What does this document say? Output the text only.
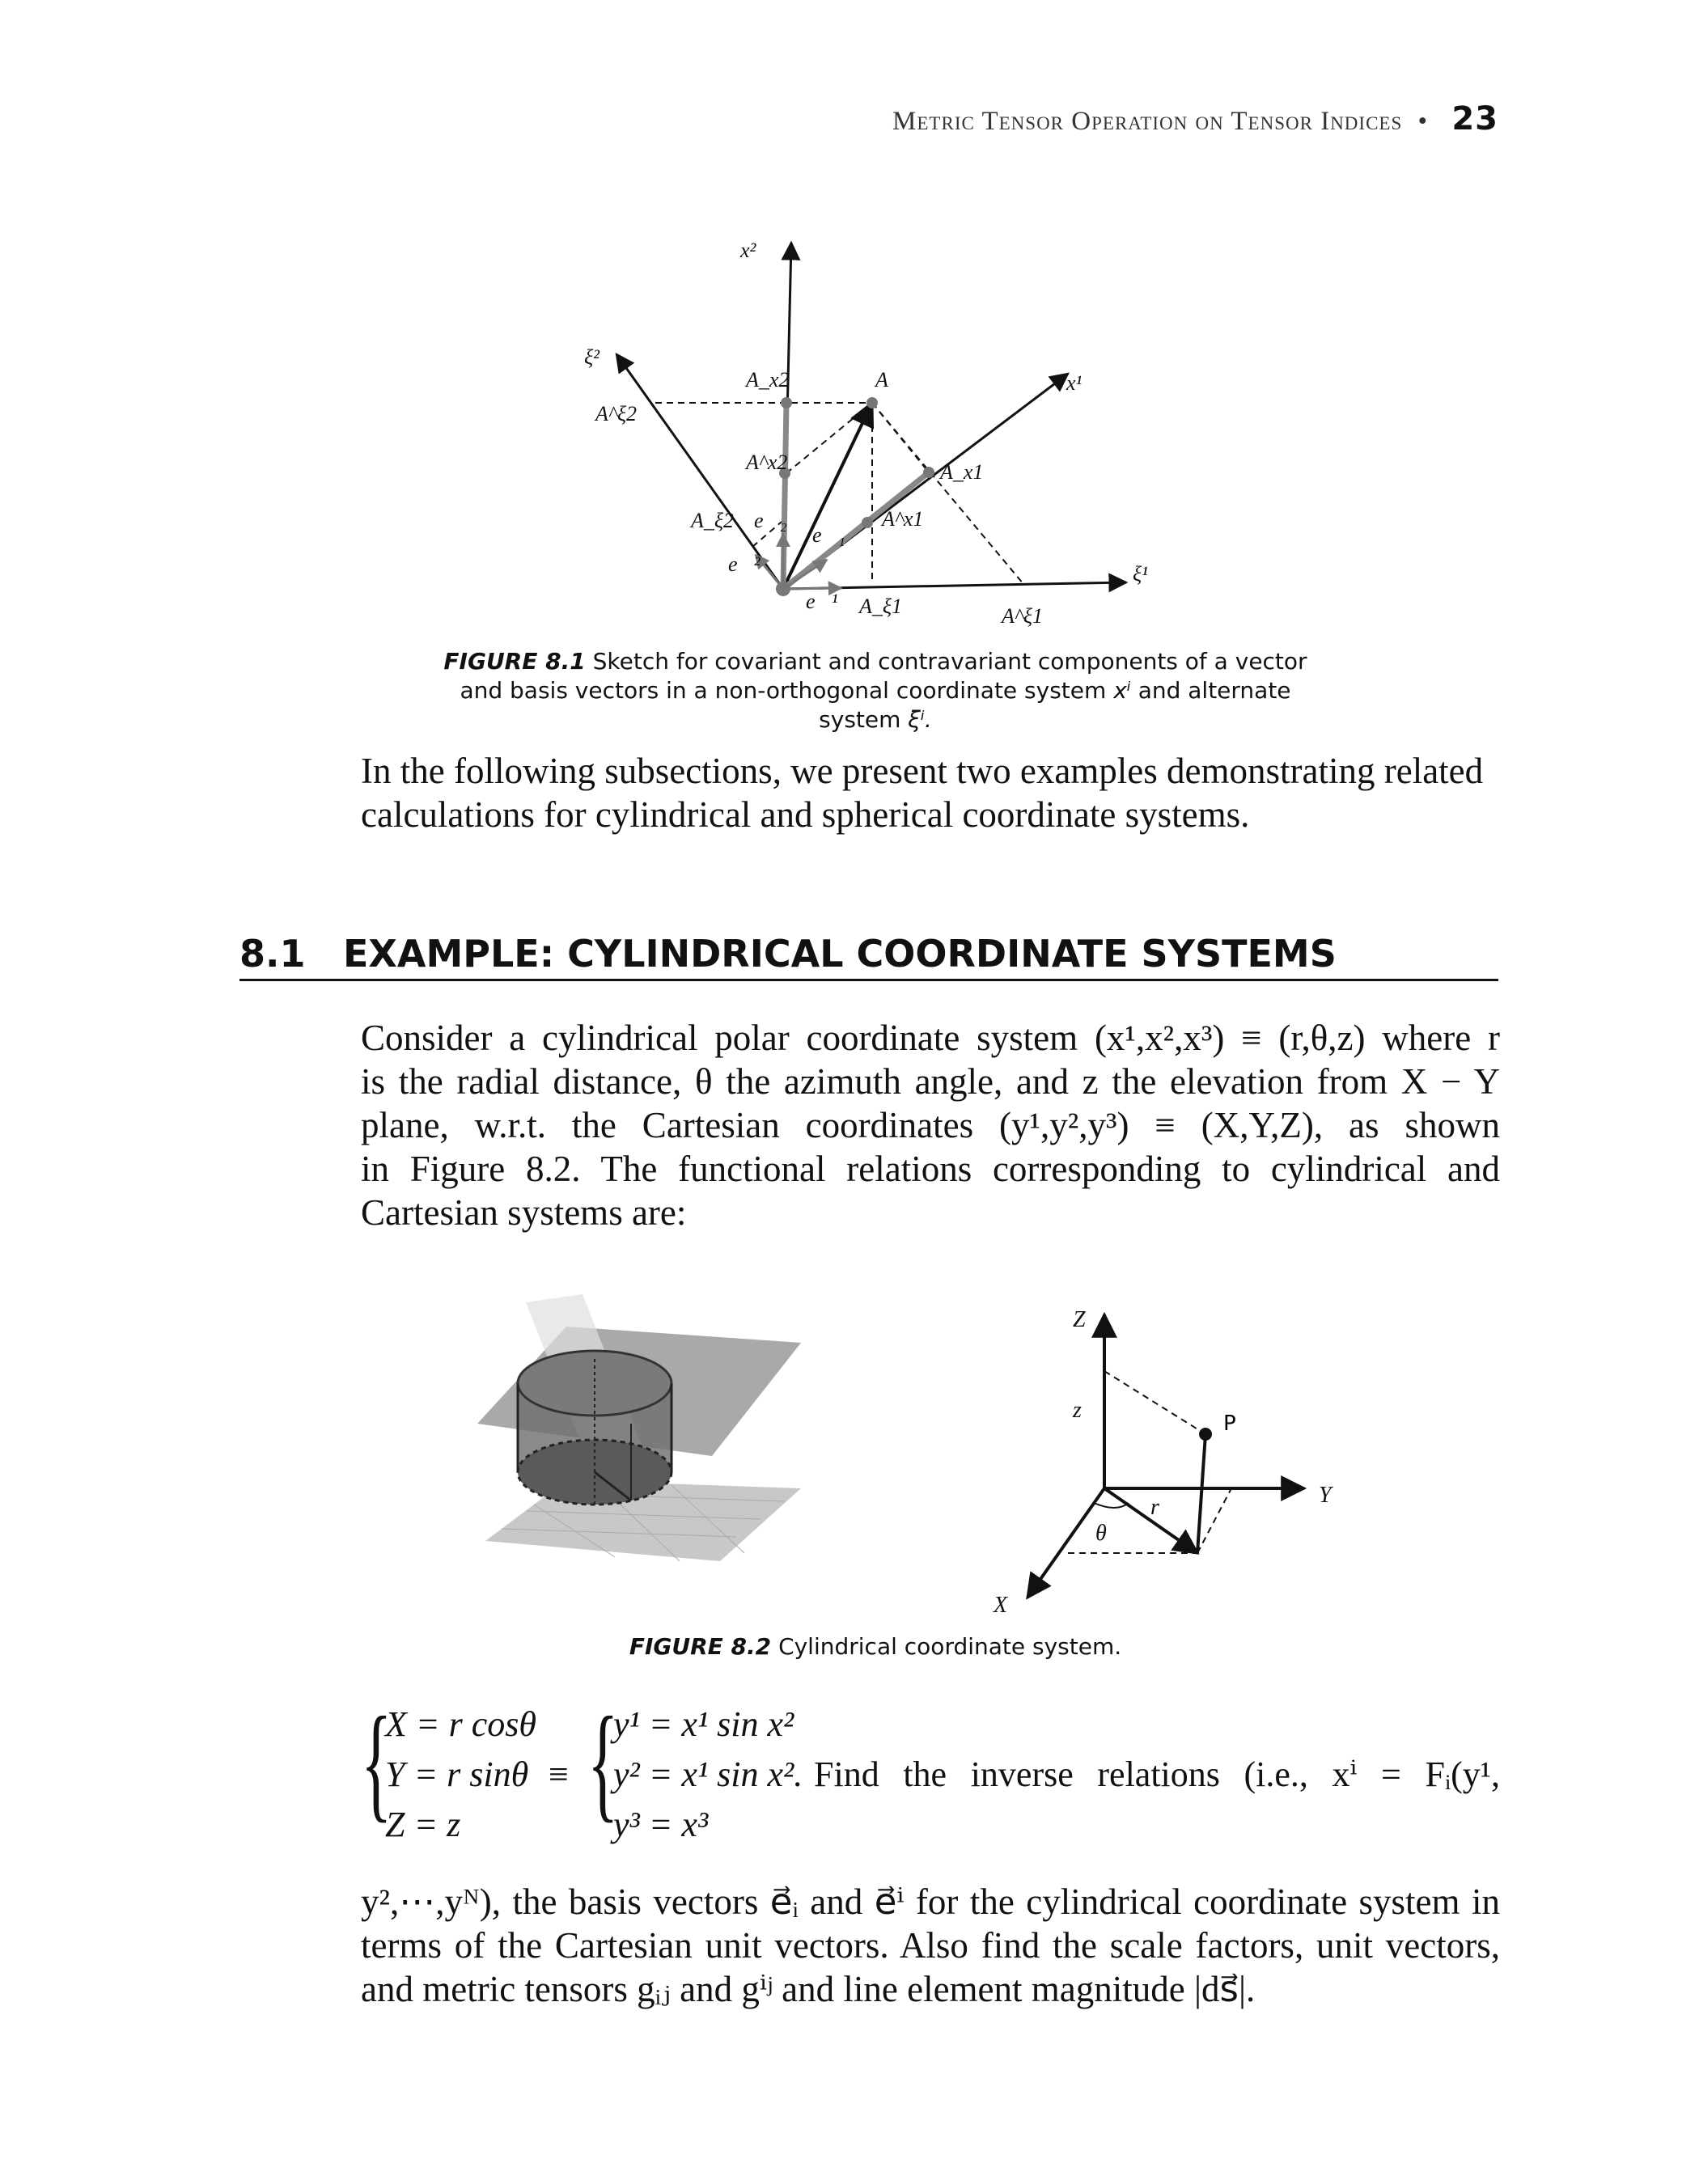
Metric Tensor Operation on Tensor Indices • 23
x²
x¹
ξ²
ξ¹
A⃗
A_x2
A^ξ2
A^x2	A_x1
A^x1
A_ξ2 e⃗₂
e⃗₁
e⃗²
e⃗¹ A_ξ1	A^ξ1
FIGURE 8.1 Sketch for covariant and contravariant components of a vector and basis vectors in a non-orthogonal coordinate system xⁱ and alternate system ξⁱ.
In the following subsections, we present two examples demonstrating related calculations for cylindrical and spherical coordinate systems.
8.1 EXAMPLE: CYLINDRICAL COORDINATE SYSTEMS
Consider a cylindrical polar coordinate system (x¹,x²,x³) ≡ (r,θ,z) where r
is the radial distance, θ the azimuth angle, and z the elevation from X − Y
plane, w.r.t. the Cartesian coordinates (y¹,y²,y³) ≡ (X,Y,Z), as shown
in Figure 8.2. The functional relations corresponding to cylindrical and
Cartesian systems are:
Z
z
Y
r
θ
X
P
FIGURE 8.2 Cylindrical coordinate system.
{
X = r cosθ
Y = r sinθ
Z = z
≡ {
y¹ = x¹ sin x²
y² = x¹ sin x².
y³ = x³
Find the inverse relations (i.e., xⁱ = Fᵢ(y¹,
y²,⋯,yᴺ), the basis vectors e⃗ᵢ and e⃗ⁱ for the cylindrical coordinate system in
terms of the Cartesian unit vectors. Also find the scale factors, unit vectors,
and metric tensors gᵢⱼ and gⁱʲ and line element magnitude |ds⃗|.
